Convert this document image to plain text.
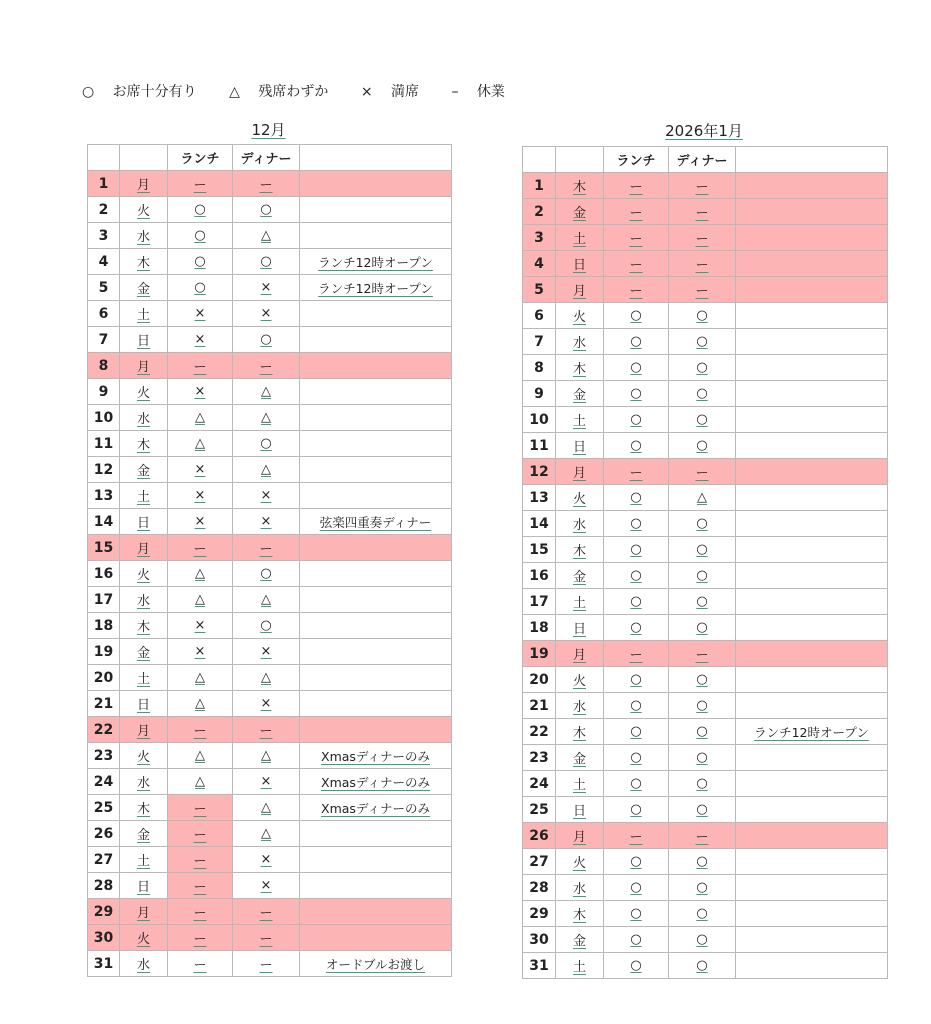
○ お席十分有り △ 残席わずか × 満席 – 休業
12月	2026年1月
		ランチ	ディナー	
1	月	ー	ー	
2	火	○	○	
3	水	○	△	
4	木	○	○	ランチ12時オープン
5	金	○	×	ランチ12時オープン
6	土	×	×	
7	日	×	○	
8	月	ー	ー	
9	火	×	△	
10	水	△	△	
11	木	△	○	
12	金	×	△	
13	土	×	×	
14	日	×	×	弦楽四重奏ディナー
15	月	ー	ー	
16	火	△	○	
17	水	△	△	
18	木	×	○	
19	金	×	×	
20	土	△	△	
21	日	△	×	
22	月	ー	ー	
23	火	△	△	Xmasディナーのみ
24	水	△	×	Xmasディナーのみ
25	木	ー	△	Xmasディナーのみ
26	金	ー	△	
27	土	ー	×	
28	日	ー	×	
29	月	ー	ー	
30	火	ー	ー	
31	水	ー	ー	オードブルお渡し
		ランチ	ディナー	
1	木	ー	ー	
2	金	ー	ー	
3	土	ー	ー	
4	日	ー	ー	
5	月	ー	ー	
6	火	○	○	
7	水	○	○	
8	木	○	○	
9	金	○	○	
10	土	○	○	
11	日	○	○	
12	月	ー	ー	
13	火	○	△	
14	水	○	○	
15	木	○	○	
16	金	○	○	
17	土	○	○	
18	日	○	○	
19	月	ー	ー	
20	火	○	○	
21	水	○	○	
22	木	○	○	ランチ12時オープン
23	金	○	○	
24	土	○	○	
25	日	○	○	
26	月	ー	ー	
27	火	○	○	
28	水	○	○	
29	木	○	○	
30	金	○	○	
31	土	○	○	
